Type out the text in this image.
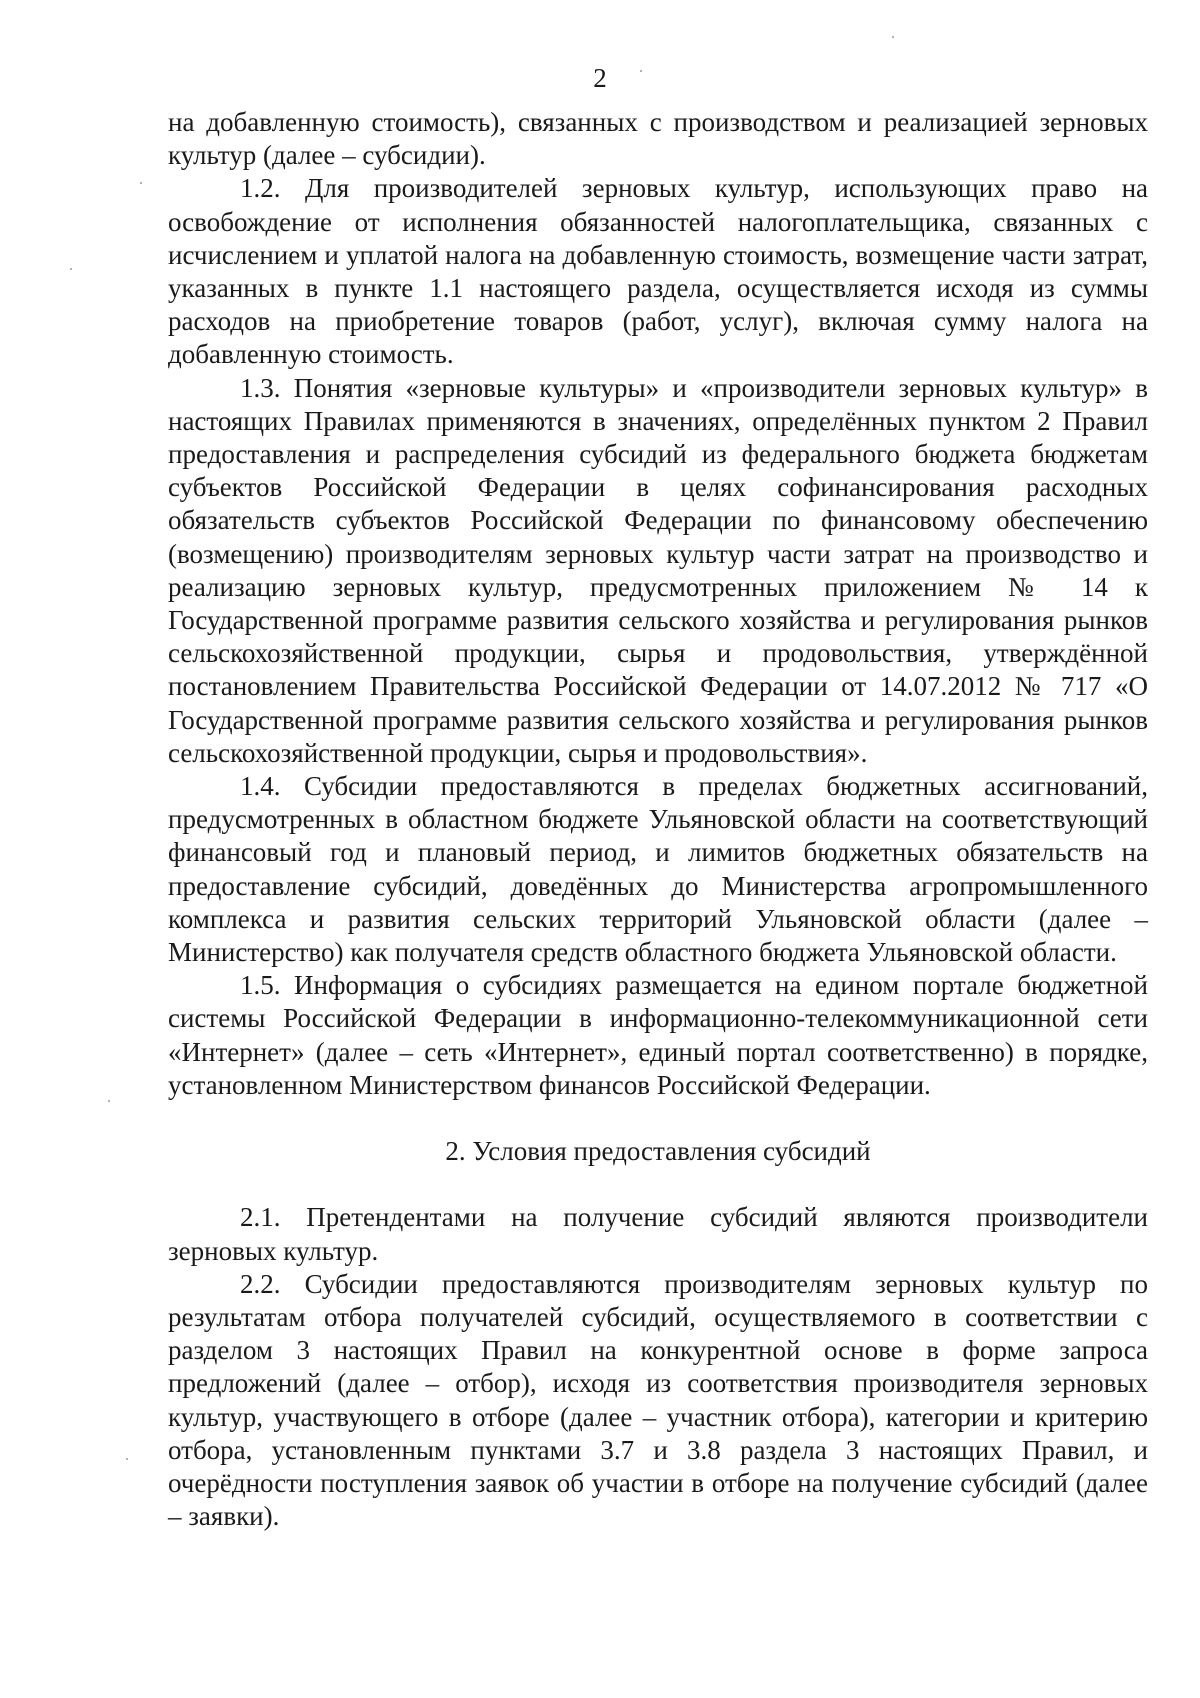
2

на добавленную стоимость), связанных с производством и реализацией зерновых культур (далее – субсидии).

1.2. Для производителей зерновых культур, использующих право на освобождение от исполнения обязанностей налогоплательщика, связанных с исчислением и уплатой налога на добавленную стоимость, возмещение части затрат, указанных в пункте 1.1 настоящего раздела, осуществляется исходя из суммы расходов на приобретение товаров (работ, услуг), включая сумму налога на добавленную стоимость.

1.3. Понятия «зерновые культуры» и «производители зерновых культур» в настоящих Правилах применяются в значениях, определённых пунктом 2 Правил предоставления и распределения субсидий из федерального бюджета бюджетам субъектов Российской Федерации в целях софинансирования расходных обязательств субъектов Российской Федерации по финансовому обеспечению (возмещению) производителям зерновых культур части затрат на производство и реализацию зерновых культур, предусмотренных приложением № 14 к Государственной программе развития сельского хозяйства и регулирования рынков сельскохозяйственной продукции, сырья и продовольствия, утверждённой постановлением Правительства Российской Федерации от 14.07.2012 № 717 «О Государственной программе развития сельского хозяйства и регулирования рынков сельскохозяйственной продукции, сырья и продовольствия».

1.4. Субсидии предоставляются в пределах бюджетных ассигнований, предусмотренных в областном бюджете Ульяновской области на соответствующий финансовый год и плановый период, и лимитов бюджетных обязательств на предоставление субсидий, доведённых до Министерства агропромышленного комплекса и развития сельских территорий Ульяновской области (далее – Министерство) как получателя средств областного бюджета Ульяновской области.

1.5. Информация о субсидиях размещается на едином портале бюджетной системы Российской Федерации в информационно-телекоммуникационной сети «Интернет» (далее – сеть «Интернет», единый портал соответственно) в порядке, установленном Министерством финансов Российской Федерации.

2. Условия предоставления субсидий

2.1. Претендентами на получение субсидий являются производители зерновых культур.

2.2. Субсидии предоставляются производителям зерновых культур по результатам отбора получателей субсидий, осуществляемого в соответствии с разделом 3 настоящих Правил на конкурентной основе в форме запроса предложений (далее – отбор), исходя из соответствия производителя зерновых культур, участвующего в отборе (далее – участник отбора), категории и критерию отбора, установленным пунктами 3.7 и 3.8 раздела 3 настоящих Правил, и очерёдности поступления заявок об участии в отборе на получение субсидий (далее – заявки).
